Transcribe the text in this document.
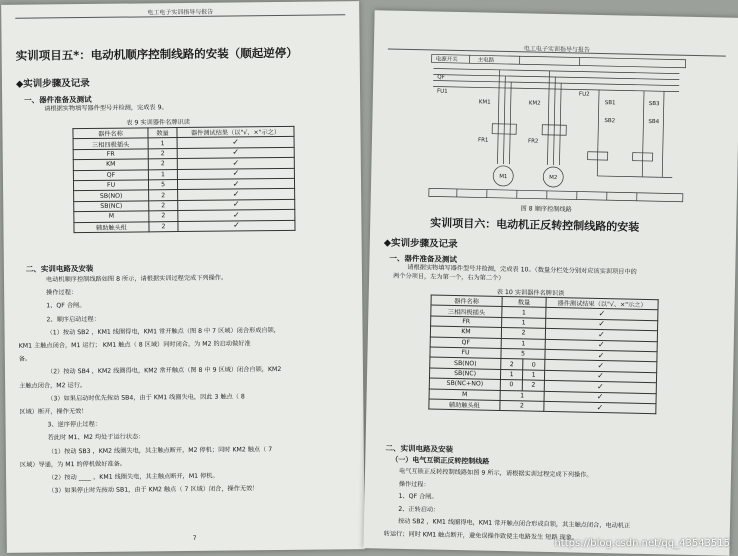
电工电子实训指导与报告
实训项目五*：电动机顺序控制线路的安装（顺起逆停）
◆实训步骤及记录
一、器件准备及测试
请根据实物填写器件型号并检测，完成表 9。
表 9 实训器件名牌识读
器件名称	数量	器件测试结果（以"√、×"示之）
三相四极插头	1	✓
FR	2	✓
KM	2	✓
QF	1	✓
FU	5	✓
SB(NO)	2	✓
SB(NC)	2	✓
M	2	✓
辅助触头组	2	✓
二、实训电路及安装
电动机顺序控制线路如图 8 所示，请根据实训过程完成下列操作。
操作过程：
1、QF 合闸。
2、顺序启动过程：
（1）按动 SB2 ，KM1 线圈得电，KM1 常开触点（图 8 中 7 区域）闭合形成自锁，
KM1 主触点闭合，M1 运行； KM1 触点（ 8 区域）同时闭合，为 M2 的启动做好准
备。
（2）按动 SB4 ，KM2 线圈得电，KM2 常开触点（图 8 中 9 区域）闭合自锁，KM2
主触点闭合，M2 运行。
（3）如果启动时优先按动 SB4，由于 KM1 线圈失电，因此 3 触点（ 8
区域）断开，操作无效！
3、逆序停止过程：
若此时 M1、M2 均处于运行状态：
（1）按动 SB3 ，KM2 线圈失电，其主触点断开，M2 停机；同时 KM2 触点（ 7
区域）导通，为 M1 的停机做好准备。
（2）按动 ____ ，KM1 线圈失电，其主触点断开，M1 停机。
（3）如果停止时先按动 SB1，由于 KM2 触点（ 7 区域）闭合，操作无效！
7
电工电子实训指导与报告
电源开关	主电路
M1	M2
KM1	KM2
FR1	FR2
SB1
SB2
SB3
SB4
QF
FU1	FU2
图 8 顺序控制线路
实训项目六：电动机正反转控制线路的安装
◆实训步骤及记录
一、器件准备及测试
请根据实物填写器件型号并检测，完成表 10。（数量分栏处分别对应该实训项目中的
两个分项目，左为第一个，右为第二个）
表 10 实训器件名牌识读
器件名称	数量		器件测试结果（以"√、×"示之）
三相四极插头	1		✓
FR	1		✓
KM	2		✓
QF	1		✓
FU	5		✓
SB(NO)	2	0	✓
SB(NC)	1	1	✓
SB(NC+NO)	0	2	✓
M	1		✓
辅助触头组	2		✓
二、实训电路及安装
（一）电气互锁正反转控制线路
电气互锁正反转控制线路如图 9 所示，请根据实训过程完成下列操作。
操作过程：
1、QF 合闸。
2、正转启动：
按动 SB2 ，KM1 线圈得电，KM1 常开触点闭合形成自锁，其主触点闭合，电动机正
转运行；同时 KM1 触点断开，避免误操作致使主电路发生 短路 现象。
https://blog.csdn.net/qq_43543515
